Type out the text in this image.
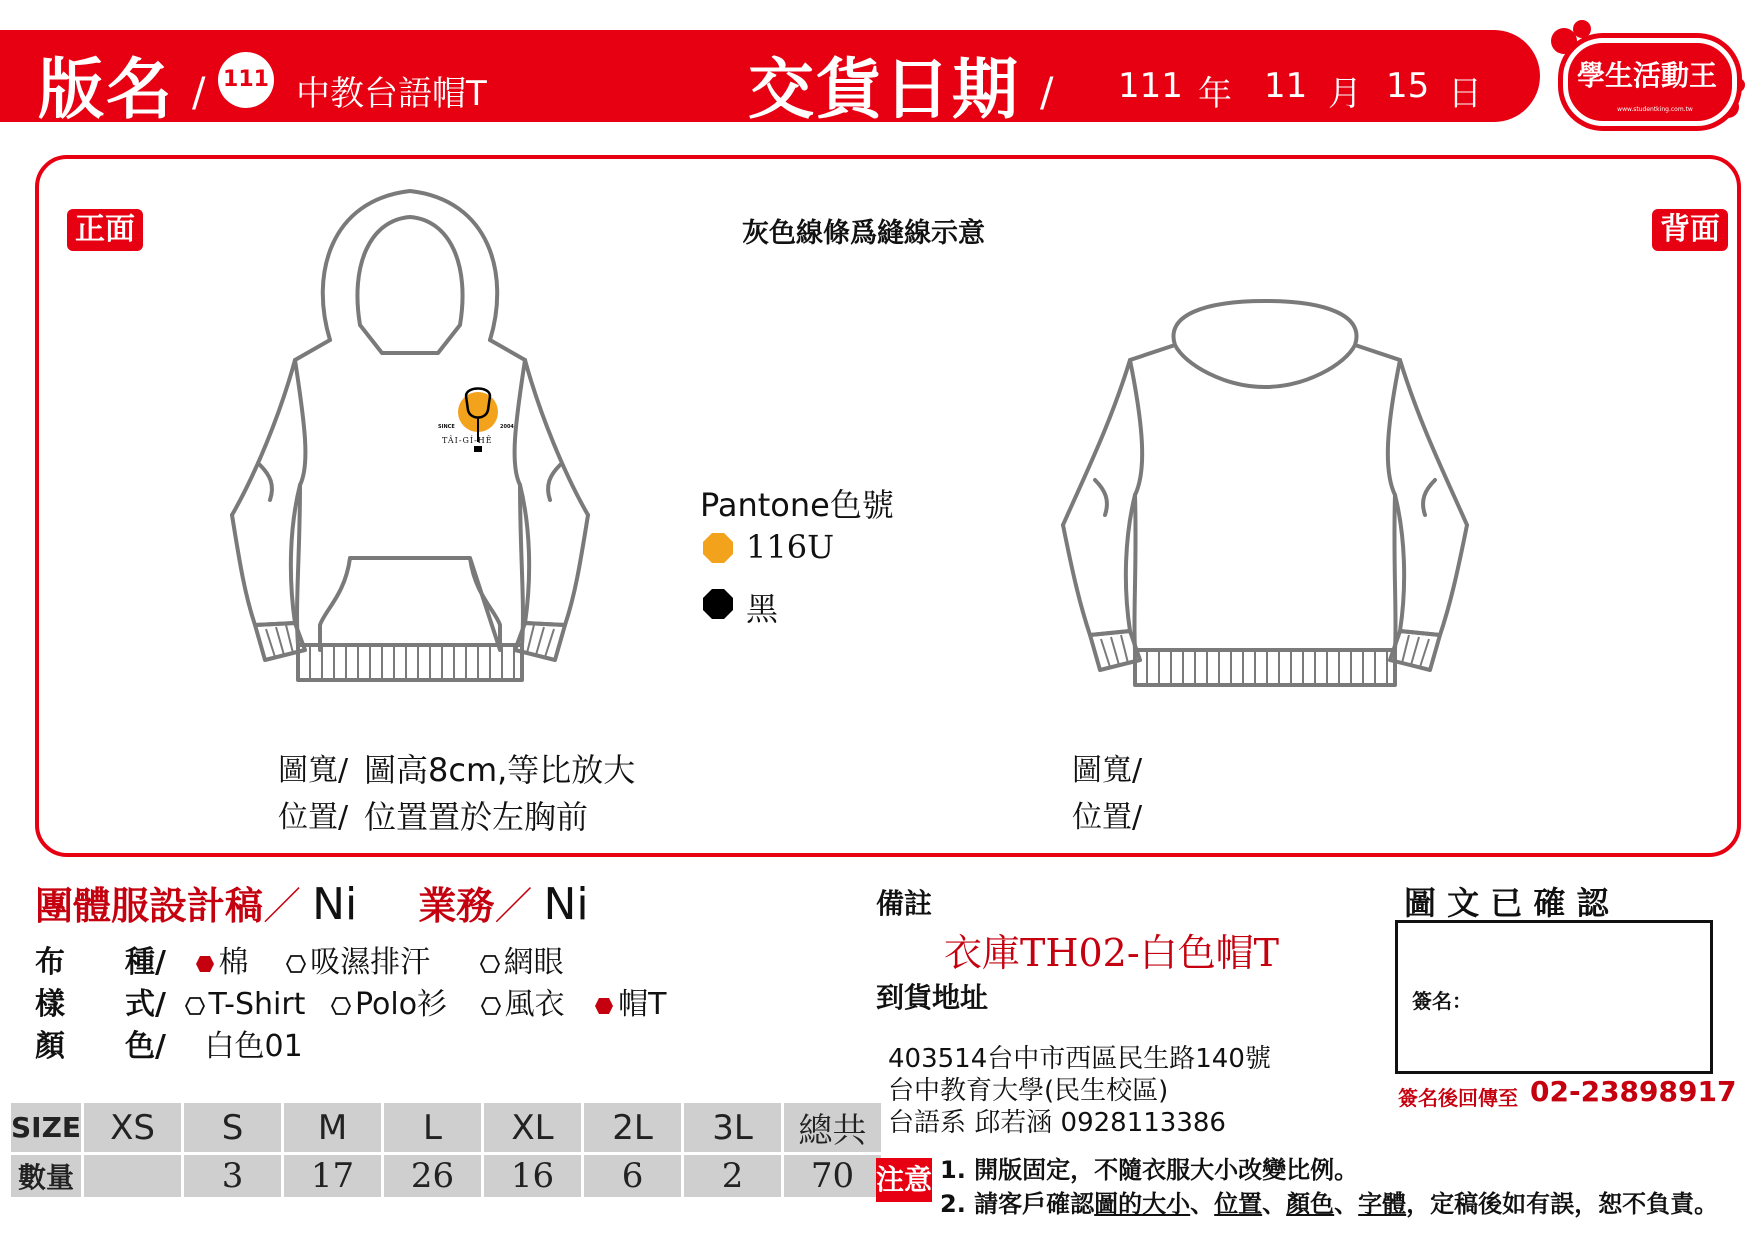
版名 / 111 中教台語帽T	交貨日期 / 111 年 11 月 15 日	學生活動王
www.studentking.com.tw
正面	背面
灰色線條爲縫線示意
SINCE	2004
TÂI-GÍ-HÊ
Pantone色號
116U
黑
圖寬/ 圖高8cm,等比放大
位置/ 位置置於左胸前
圖寬/
位置/
團體服設計稿／ Ni 業務／ Ni
布　　種/ 棉 吸濕排汗 網眼
樣　　式/ T-Shirt Polo衫 風衣 帽T
顏　　色/ 白色01
SIZE	XS	S	M	L	XL	2L	3L	總共
數量		3	17	26	16	6	2	70
備註
衣庫TH02-白色帽T
到貨地址
403514台中市西區民生路140號
台中教育大學(民生校區)
台語系 邱若涵 0928113386
圖 文 已 確 認
簽名：
簽名後回傳至 02-23898917
注意 1. 開版固定，不隨衣服大小改變比例。
2. 請客戶確認圖的大小、位置、顏色、字體，定稿後如有誤，恕不負責。
